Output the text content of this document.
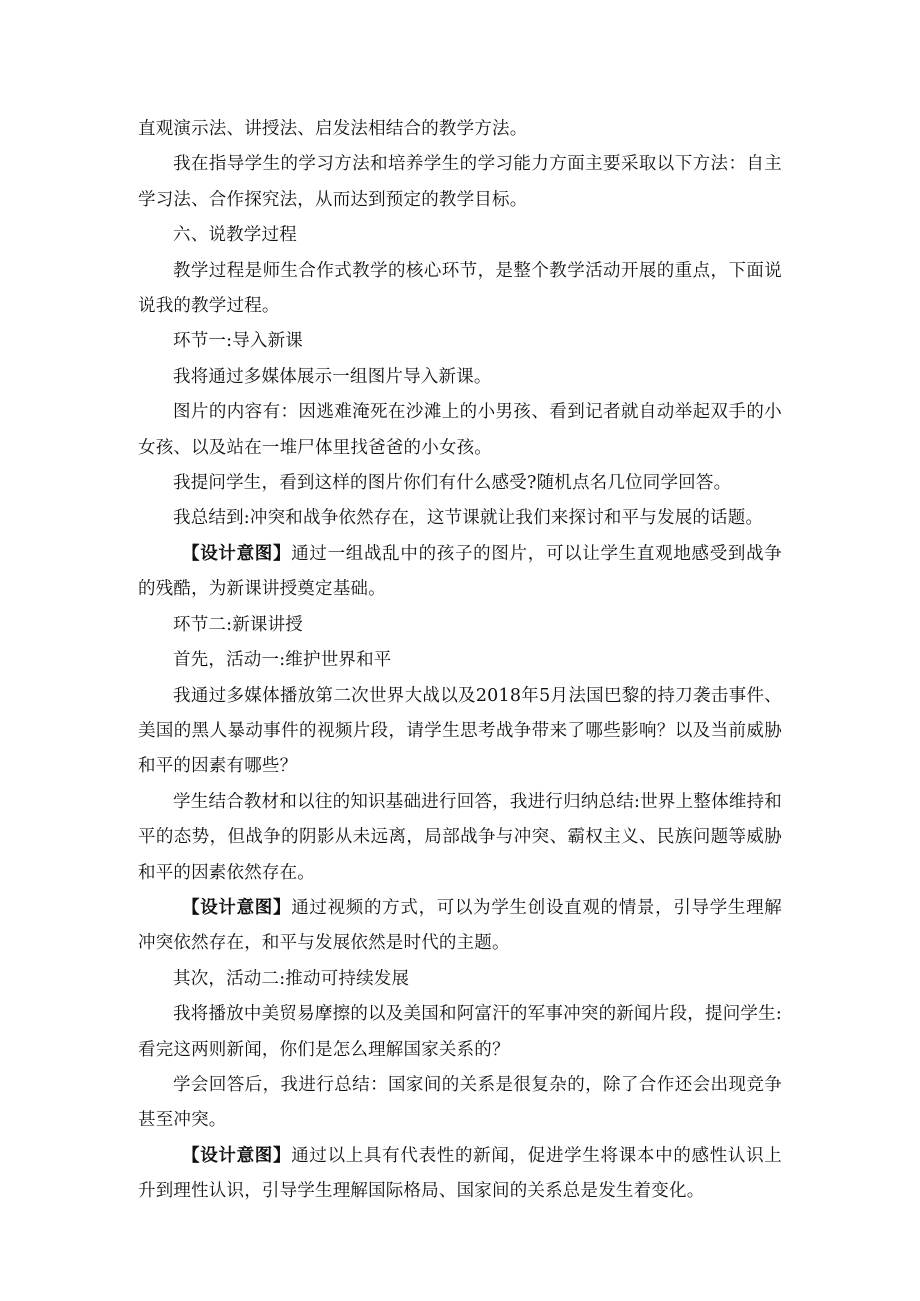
直观演示法、讲授法、启发法相结合的教学方法。

我在指导学生的学习方法和培养学生的学习能力方面主要采取以下方法：自主学习法、合作探究法，从而达到预定的教学目标。

六、说教学过程

教学过程是师生合作式教学的核心环节，是整个教学活动开展的重点，下面说说我的教学过程。

环节一:导入新课

我将通过多媒体展示一组图片导入新课。

图片的内容有：因逃难淹死在沙滩上的小男孩、看到记者就自动举起双手的小女孩、以及站在一堆尸体里找爸爸的小女孩。

我提问学生，看到这样的图片你们有什么感受?随机点名几位同学回答。

我总结到:冲突和战争依然存在，这节课就让我们来探讨和平与发展的话题。

【设计意图】通过一组战乱中的孩子的图片，可以让学生直观地感受到战争的残酷，为新课讲授奠定基础。

环节二:新课讲授

首先，活动一:维护世界和平

我通过多媒体播放第二次世界大战以及2018年5月法国巴黎的持刀袭击事件、美国的黑人暴动事件的视频片段，请学生思考战争带来了哪些影响？以及当前威胁和平的因素有哪些？

学生结合教材和以往的知识基础进行回答，我进行归纳总结:世界上整体维持和平的态势，但战争的阴影从未远离，局部战争与冲突、霸权主义、民族问题等威胁和平的因素依然存在。

【设计意图】通过视频的方式，可以为学生创设直观的情景，引导学生理解冲突依然存在，和平与发展依然是时代的主题。

其次，活动二:推动可持续发展

我将播放中美贸易摩擦的以及美国和阿富汗的军事冲突的新闻片段，提问学生:看完这两则新闻，你们是怎么理解国家关系的？

学会回答后，我进行总结：国家间的关系是很复杂的，除了合作还会出现竞争甚至冲突。

【设计意图】通过以上具有代表性的新闻，促进学生将课本中的感性认识上升到理性认识，引导学生理解国际格局、国家间的关系总是发生着变化。
